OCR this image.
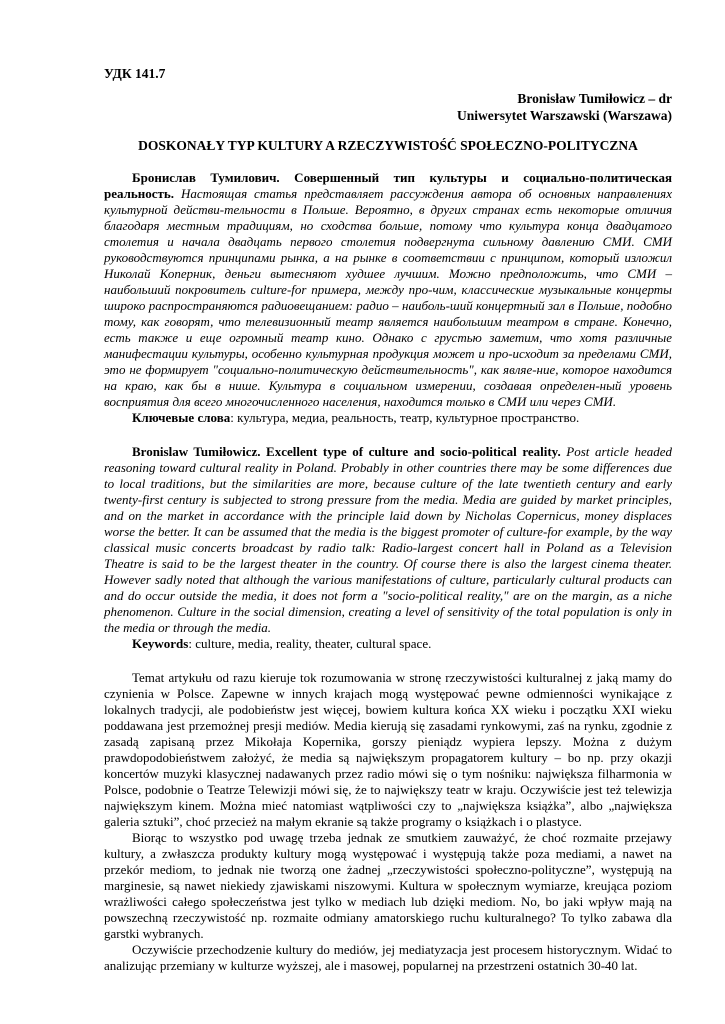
УДК 141.7
Bronisław Tumiłowicz – dr
Uniwersytet Warszawski (Warszawa)
DOSKONAŁY TYP KULTURY A RZECZYWISTOŚĆ SPOŁECZNO-POLITYCZNA

Бронислав Тумилович. Совершенный тип культуры и социально-политическая реальность. Настоящая статья представляет рассуждения автора об основных направлениях культурной действи-тельности в Польше. Вероятно, в других странах есть некоторые отличия благодаря местным традициям, но сходства больше, потому что культура конца двадцатого столетия и начала двадцать первого столетия подвергнута сильному давлению СМИ. СМИ руководствуются принципами рынка, а на рынке в соответствии с принципом, который изложил Николай Коперник, деньги вытесняют худшее лучшим. Можно предположить, что СМИ – наибольший покровитель culture-for примера, между про-чим, классические музыкальные концерты широко распространяются радиовещанием: радио – наиболь-ший концертный зал в Польше, подобно тому, как говорят, что телевизионный театр является наибольшим театром в стране. Конечно, есть также и еще огромный театр кино. Однако с грустью заметим, что хотя различные манифестации культуры, особенно культурная продукция может и про-исходит за пределами СМИ, это не формирует "социально-политическую действительность", как являе-ние, которое находится на краю, как бы в нише. Культура в социальном измерении, создавая определен-ный уровень восприятия для всего многочисленного населения, находится только в СМИ или через СМИ.

Ключевые слова: культура, медиа, реальность, театр, культурное пространство.

Bronislaw Tumiłowicz. Excellent type of culture and socio-political reality. Post article headed reasoning toward cultural reality in Poland. Probably in other countries there may be some differences due to local traditions, but the similarities are more, because culture of the late twentieth century and early twenty-first century is subjected to strong pressure from the media. Media are guided by market principles, and on the market in accordance with the principle laid down by Nicholas Copernicus, money displaces worse the better. It can be assumed that the media is the biggest promoter of culture-for example, by the way classical music concerts broadcast by radio talk: Radio-largest concert hall in Poland as a Television Theatre is said to be the largest theater in the country. Of course there is also the largest cinema theater. However sadly noted that although the various manifestations of culture, particularly cultural products can and do occur outside the media, it does not form a "socio-political reality," are on the margin, as a niche phenomenon. Culture in the social dimension, creating a level of sensitivity of the total population is only in the media or through the media.

Keywords: culture, media, reality, theater, cultural space.

Temat artykułu od razu kieruje tok rozumowania w stronę rzeczywistości kulturalnej z jaką mamy do czynienia w Polsce. Zapewne w innych krajach mogą występować pewne odmienności wynikające z lokalnych tradycji, ale podobieństw jest więcej, bowiem kultura końca XX wieku i początku XXI wieku poddawana jest przemożnej presji mediów. Media kierują się zasadami rynkowymi, zaś na rynku, zgodnie z zasadą zapisaną przez Mikołaja Kopernika, gorszy pieniądz wypiera lepszy. Można z dużym prawdopodobieństwem założyć, że media są największym propagatorem kultury – bo np. przy okazji koncertów muzyki klasycznej nadawanych przez radio mówi się o tym nośniku: największa filharmonia w Polsce, podobnie o Teatrze Telewizji mówi się, że to największy teatr w kraju. Oczywiście jest też telewizja największym kinem. Można mieć natomiast wątpliwości czy to „największa książka”, albo „największa galeria sztuki”, choć przecież na małym ekranie są także programy o książkach i o plastyce.

Biorąc to wszystko pod uwagę trzeba jednak ze smutkiem zauważyć, że choć rozmaite przejawy kultury, a zwłaszcza produkty kultury mogą występować i występują także poza mediami, a nawet na przekór mediom, to jednak nie tworzą one żadnej „rzeczywistości społeczno-polityczne”, występują na marginesie, są nawet niekiedy zjawiskami niszowymi. Kultura w społecznym wymiarze, kreująca poziom wrażliwości całego społeczeństwa jest tylko w mediach lub dzięki mediom. No, bo jaki wpływ mają na powszechną rzeczywistość np. rozmaite odmiany amatorskiego ruchu kulturalnego? To tylko zabawa dla garstki wybranych.

Oczywiście przechodzenie kultury do mediów, jej mediatyzacja jest procesem historycznym. Widać to analizując przemiany w kulturze wyższej, ale i masowej, popularnej na przestrzeni ostatnich 30-40 lat.
